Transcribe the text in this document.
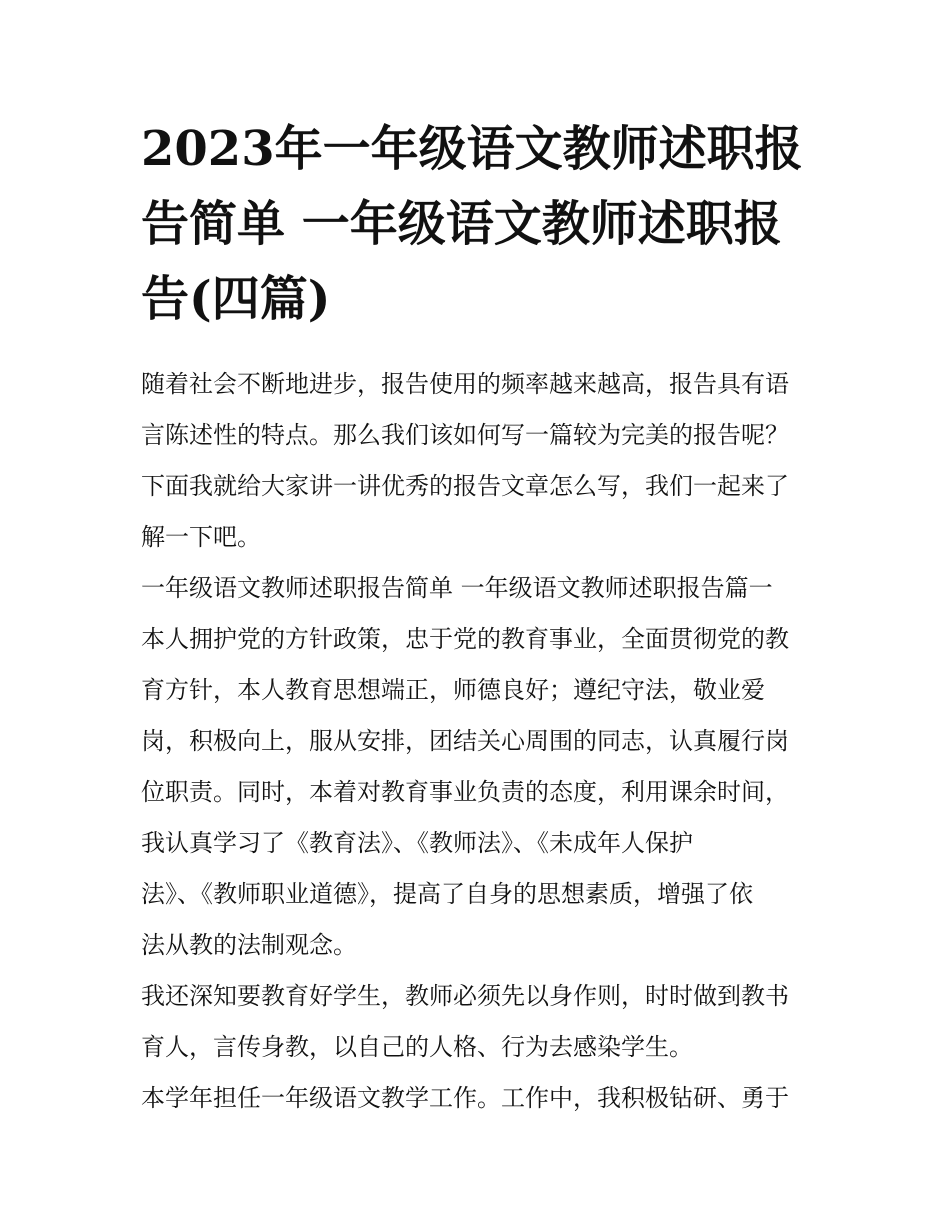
2023年一年级语文教师述职报
告简单 一年级语文教师述职报
告(四篇)
随着社会不断地进步，报告使用的频率越来越高，报告具有语
言陈述性的特点。那么我们该如何写一篇较为完美的报告呢？
下面我就给大家讲一讲优秀的报告文章怎么写，我们一起来了
解一下吧。
一年级语文教师述职报告简单 一年级语文教师述职报告篇一
本人拥护党的方针政策，忠于党的教育事业，全面贯彻党的教
育方针，本人教育思想端正，师德良好；遵纪守法，敬业爱
岗，积极向上，服从安排，团结关心周围的同志，认真履行岗
位职责。同时，本着对教育事业负责的态度，利用课余时间，
我认真学习了《教育法》、《教师法》、《未成年人保护
法》、《教师职业道德》，提高了自身的思想素质，增强了依
法从教的法制观念。
我还深知要教育好学生，教师必须先以身作则，时时做到教书
育人，言传身教，以自己的人格、行为去感染学生。
本学年担任一年级语文教学工作。工作中，我积极钻研、勇于
